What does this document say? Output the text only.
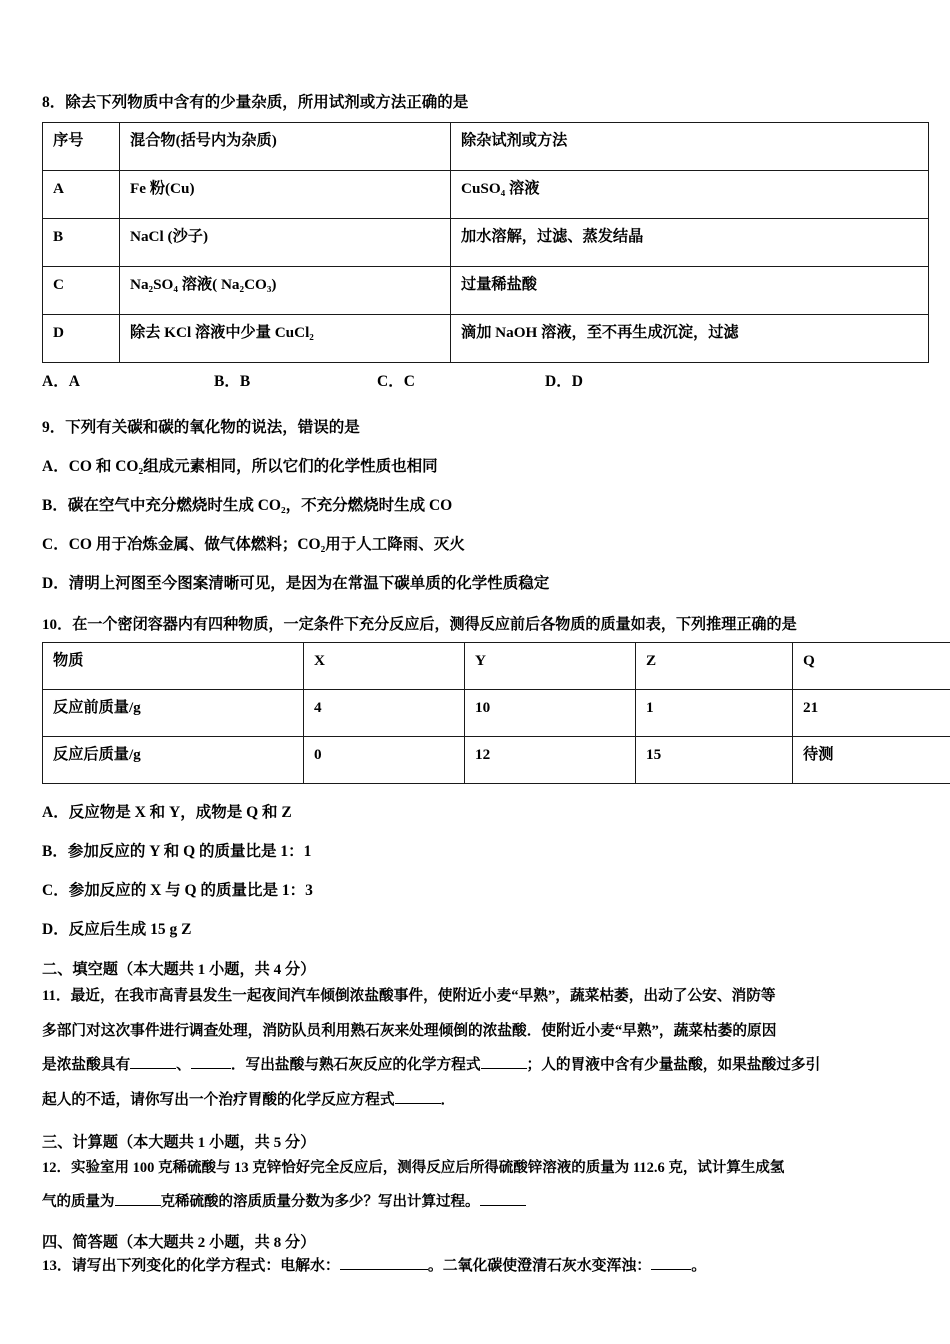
8．除去下列物质中含有的少量杂质，所用试剂或方法正确的是
序号	混合物(括号内为杂质)	除杂试剂或方法
A	Fe 粉(Cu)	CuSO₄ 溶液
B	NaCl (沙子)	加水溶解，过滤、蒸发结晶
C	Na₂SO₄ 溶液( Na₂CO₃)	过量稀盐酸
D	除去 KCl 溶液中少量 CuCl₂	滴加 NaOH 溶液，至不再生成沉淀，过滤
A．A	B．B	C．C	D．D
9．下列有关碳和碳的氧化物的说法，错误的是
A．CO 和 CO₂组成元素相同，所以它们的化学性质也相同
B．碳在空气中充分燃烧时生成 CO₂，不充分燃烧时生成 CO
C．CO 用于冶炼金属、做气体燃料；CO₂用于人工降雨、灭火
D．清明上河图至今图案清晰可见，是因为在常温下碳单质的化学性质稳定
10．在一个密闭容器内有四种物质，一定条件下充分反应后，测得反应前后各物质的质量如表，下列推理正确的是
物质	X	Y	Z	Q
反应前质量/g	4	10	1	21
反应后质量/g	0	12	15	待测
A．反应物是 X 和 Y，成物是 Q 和 Z
B．参加反应的 Y 和 Q 的质量比是 1：1
C．参加反应的 X 与 Q 的质量比是 1：3
D．反应后生成 15 g Z
二、填空题（本大题共 1 小题，共 4 分）
11．最近，在我市高青县发生一起夜间汽车倾倒浓盐酸事件，使附近小麦“早熟”，蔬菜枯萎，出动了公安、消防等
多部门对这次事件进行调查处理，消防队员利用熟石灰来处理倾倒的浓盐酸．使附近小麦“早熟”，蔬菜枯萎的原因
是浓盐酸具有	、	．写出盐酸与熟石灰反应的化学方程式	；人的胃液中含有少量盐酸，如果盐酸过多引
起人的不适，请你写出一个治疗胃酸的化学反应方程式	．
三、计算题（本大题共 1 小题，共 5 分）
12．实验室用 100 克稀硫酸与 13 克锌恰好完全反应后，测得反应后所得硫酸锌溶液的质量为 112.6 克，试计算生成氢
气的质量为	克稀硫酸的溶质质量分数为多少？写出计算过程。
四、简答题（本大题共 2 小题，共 8 分）
13．请写出下列变化的化学方程式：电解水：	。二氧化碳使澄清石灰水变浑浊：	。
